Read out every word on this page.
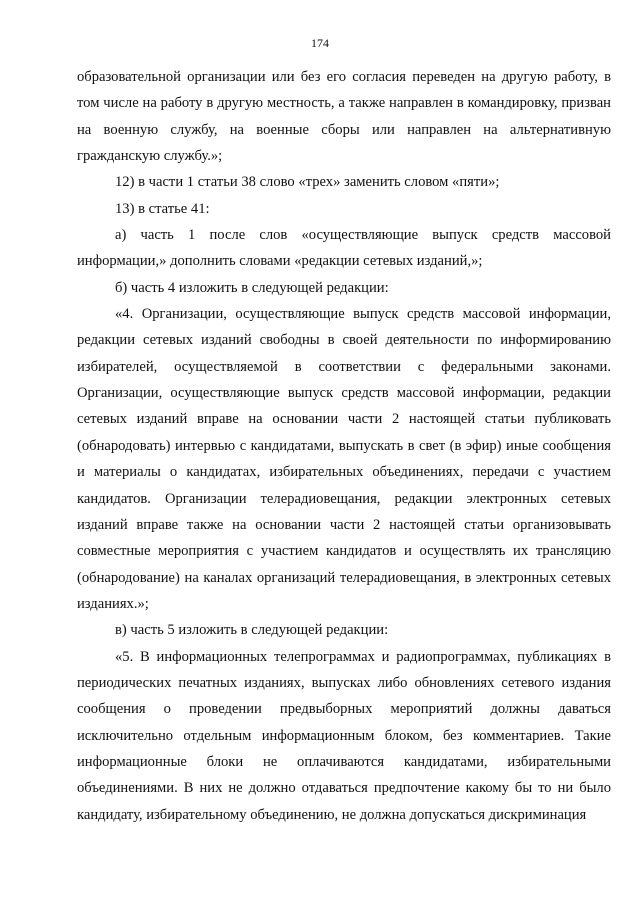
174

образовательной организации или без его согласия переведен на другую работу, в том числе на работу в другую местность, а также направлен в командировку, призван на военную службу, на военные сборы или направлен на альтернативную гражданскую службу.»;

12) в части 1 статьи 38 слово «трех» заменить словом «пяти»;

13) в статье 41:

а) часть 1 после слов «осуществляющие выпуск средств массовой информации,» дополнить словами «редакции сетевых изданий,»;

б) часть 4 изложить в следующей редакции:

«4. Организации, осуществляющие выпуск средств массовой информации, редакции сетевых изданий свободны в своей деятельности по информированию избирателей, осуществляемой в соответствии с федеральными законами. Организации, осуществляющие выпуск средств массовой информации, редакции сетевых изданий вправе на основании части 2 настоящей статьи публиковать (обнародовать) интервью с кандидатами, выпускать в свет (в эфир) иные сообщения и материалы о кандидатах, избирательных объединениях, передачи с участием кандидатов. Организации телерадиовещания, редакции электронных сетевых изданий вправе также на основании части 2 настоящей статьи организовывать совместные мероприятия с участием кандидатов и осуществлять их трансляцию (обнародование) на каналах организаций телерадиовещания, в электронных сетевых изданиях.»;

в) часть 5 изложить в следующей редакции:

«5. В информационных телепрограммах и радиопрограммах, публикациях в периодических печатных изданиях, выпусках либо обновлениях сетевого издания сообщения о проведении предвыборных мероприятий должны даваться исключительно отдельным информационным блоком, без комментариев. Такие информационные блоки не оплачиваются кандидатами, избирательными объединениями. В них не должно отдаваться предпочтение какому бы то ни было кандидату, избирательному объединению, не должна допускаться дискриминация
